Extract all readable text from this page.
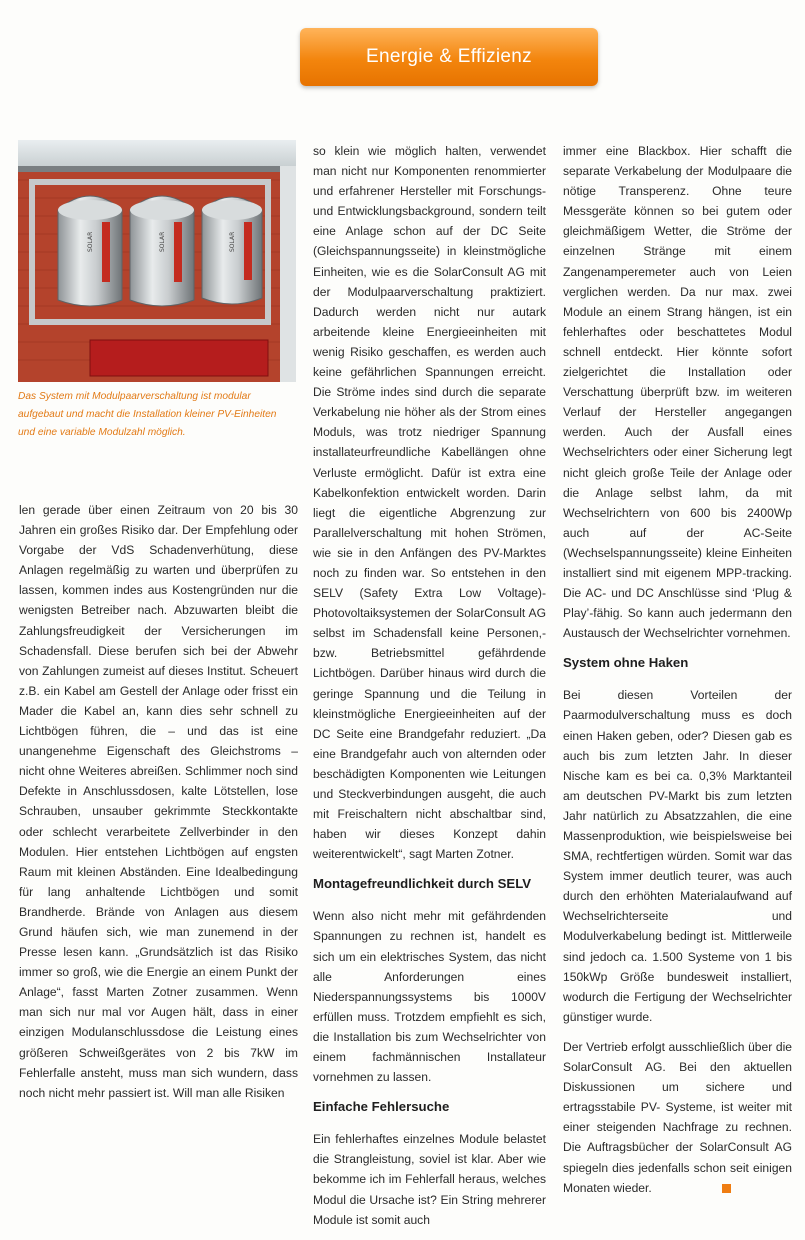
Energie & Effizienz
SOLAR	SOLAR	SOLAR

Das System mit Modulpaarverschaltung ist modular aufgebaut und macht die Installation kleiner PV-Einheiten und eine variable Modulzahl möglich.

len gerade über einen Zeitraum von 20 bis 30 Jahren ein großes Risiko dar. Der Empfehlung oder Vorgabe der VdS Schadenverhütung, diese Anlagen regelmäßig zu warten und überprüfen zu lassen, kommen indes aus Kostengründen nur die wenigsten Betreiber nach. Abzuwarten bleibt die Zahlungsfreudigkeit der Versicherungen im Schadensfall. Diese berufen sich bei der Abwehr von Zahlungen zumeist auf dieses Institut. Scheuert z.B. ein Kabel am Gestell der Anlage oder frisst ein Mader die Kabel an, kann dies sehr schnell zu Lichtbögen führen, die – und das ist eine unangenehme Eigenschaft des Gleichstroms – nicht ohne Weiteres abreißen. Schlimmer noch sind Defekte in Anschlussdosen, kalte Lötstellen, lose Schrauben, unsauber gekrimmte Steckkontakte oder schlecht verarbeitete Zellverbinder in den Modulen. Hier entstehen Lichtbögen auf engsten Raum mit kleinen Abständen. Eine Idealbedingung für lang anhaltende Lichtbögen und somit Brandherde. Brände von Anlagen aus diesem Grund häufen sich, wie man zunemend in der Presse lesen kann. „Grundsätzlich ist das Risiko immer so groß, wie die Energie an einem Punkt der Anlage“, fasst Marten Zotner zusammen. Wenn man sich nur mal vor Augen hält, dass in einer einzigen Modulanschlussdose die Leistung eines größeren Schweißgerätes von 2 bis 7kW im Fehlerfalle ansteht, muss man sich wundern, dass noch nicht mehr passiert ist. Will man alle Risiken

so klein wie möglich halten, verwendet man nicht nur Komponenten renommierter und erfahrener Hersteller mit Forschungs- und Entwicklungsbackground, sondern teilt eine Anlage schon auf der DC Seite (Gleichspannungsseite) in kleinstmögliche Einheiten, wie es die SolarConsult AG mit der Modulpaarverschaltung praktiziert. Dadurch werden nicht nur autark arbeitende kleine Energieeinheiten mit wenig Risiko geschaffen, es werden auch keine gefährlichen Spannungen erreicht. Die Ströme indes sind durch die separate Verkabelung nie höher als der Strom eines Moduls, was trotz niedriger Spannung installateurfreundliche Kabellängen ohne Verluste ermöglicht. Dafür ist extra eine Kabelkonfektion entwickelt worden. Darin liegt die eigentliche Abgrenzung zur Parallelverschaltung mit hohen Strömen, wie sie in den Anfängen des PV-Marktes noch zu finden war. So entstehen in den SELV (Safety Extra Low Voltage)-Photovoltaiksystemen der SolarConsult AG selbst im Schadensfall keine Personen,- bzw. Betriebsmittel gefährdende Lichtbögen. Darüber hinaus wird durch die geringe Spannung und die Teilung in kleinstmögliche Energieeinheiten auf der DC Seite eine Brandgefahr reduziert. „Da eine Brandgefahr auch von alternden oder beschädigten Komponenten wie Leitungen und Steckverbindungen ausgeht, die auch mit Freischaltern nicht abschaltbar sind, haben wir dieses Konzept dahin weiterentwickelt“, sagt Marten Zotner.

Montagefreundlichkeit durch SELV

Wenn also nicht mehr mit gefährdenden Spannungen zu rechnen ist, handelt es sich um ein elektrisches System, das nicht alle Anforderungen eines Niederspannungssystems bis 1000V erfüllen muss. Trotzdem empfiehlt es sich, die Installation bis zum Wechselrichter von einem fachmännischen Installateur vornehmen zu lassen.

Einfache Fehlersuche

Ein fehlerhaftes einzelnes Module belastet die Strangleistung, soviel ist klar. Aber wie bekomme ich im Fehlerfall heraus, welches Modul die Ursache ist? Ein String mehrerer Module ist somit auch

immer eine Blackbox. Hier schafft die separate Verkabelung der Modulpaare die nötige Transperenz. Ohne teure Messgeräte können so bei gutem oder gleichmäßigem Wetter, die Ströme der einzelnen Stränge mit einem Zangenamperemeter auch von Leien verglichen werden. Da nur max. zwei Module an einem Strang hängen, ist ein fehlerhaftes oder beschattetes Modul schnell entdeckt. Hier könnte sofort zielgerichtet die Installation oder Verschattung überprüft bzw. im weiteren Verlauf der Hersteller angegangen werden. Auch der Ausfall eines Wechselrichters oder einer Sicherung legt nicht gleich große Teile der Anlage oder die Anlage selbst lahm, da mit Wechselrichtern von 600 bis 2400Wp auch auf der AC-Seite (Wechselspannungsseite) kleine Einheiten installiert sind mit eigenem MPP-tracking. Die AC- und DC Anschlüsse sind ‘Plug & Play’-fähig. So kann auch jedermann den Austausch der Wechselrichter vornehmen.

System ohne Haken

Bei diesen Vorteilen der Paarmodulverschaltung muss es doch einen Haken geben, oder? Diesen gab es auch bis zum letzten Jahr. In dieser Nische kam es bei ca. 0,3% Marktanteil am deutschen PV-Markt bis zum letzten Jahr natürlich zu Absatzzahlen, die eine Massenproduktion, wie beispielsweise bei SMA, rechtfertigen würden. Somit war das System immer deutlich teurer, was auch durch den erhöhten Materialaufwand auf Wechselrichterseite und Modulverkabelung bedingt ist. Mittlerweile sind jedoch ca. 1.500 Systeme von 1 bis 150kWp Größe bundesweit installiert, wodurch die Fertigung der Wechselrichter günstiger wurde.

Der Vertrieb erfolgt ausschließlich über die SolarConsult AG. Bei den aktuellen Diskussionen um sichere und ertragsstabile PV- Systeme, ist weiter mit einer steigenden Nachfrage zu rechnen. Die Auftragsbücher der SolarConsult AG spiegeln dies jedenfalls schon seit einigen Monaten wieder.
